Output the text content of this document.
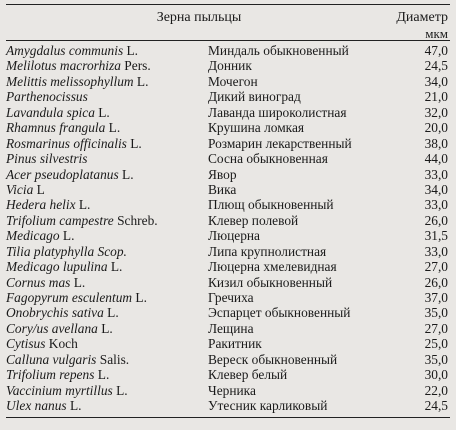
Зерна пыльцы	Диаметр
мкм
Amygdalus communis L.	Миндаль обыкновенный	47,0
Melilotus macrorhiza Pers.	Донник	24,5
Melittis melissophyllum L.	Мочегон	34,0
Parthenocissus	Дикий виноград	21,0
Lavandula spica L.	Лаванда широколистная	32,0
Rhamnus frangula L.	Крушина ломкая	20,0
Rosmarinus officinalis L.	Розмарин лекарственный	38,0
Pinus silvestris	Сосна обыкновенная	44,0
Acer pseudoplatanus L.	Явор	33,0
Vicia L	Вика	34,0
Hedera helix L.	Плющ обыкновенный	33,0
Trifolium campestre Schreb.	Клевер полевой	26,0
Medicago L.	Люцерна	31,5
Tilia platyphylla Scop.	Липа крупнолистная	33,0
Medicago lupulina L.	Люцерна хмелевидная	27,0
Cornus mas L.	Кизил обыкновенный	26,0
Fagopyrum esculentum L.	Гречиха	37,0
Onobrychis sativa L.	Эспарцет обыкновенный	35,0
Cory/us avellana L.	Лещина	27,0
Cytisus Koch	Ракитник	25,0
Calluna vulgaris Salis.	Вереск обыкновенный	35,0
Trifolium repens L.	Клевер белый	30,0
Vaccinium myrtillus L.	Черника	22,0
Ulex nanus L.	Утесник карликовый	24,5
